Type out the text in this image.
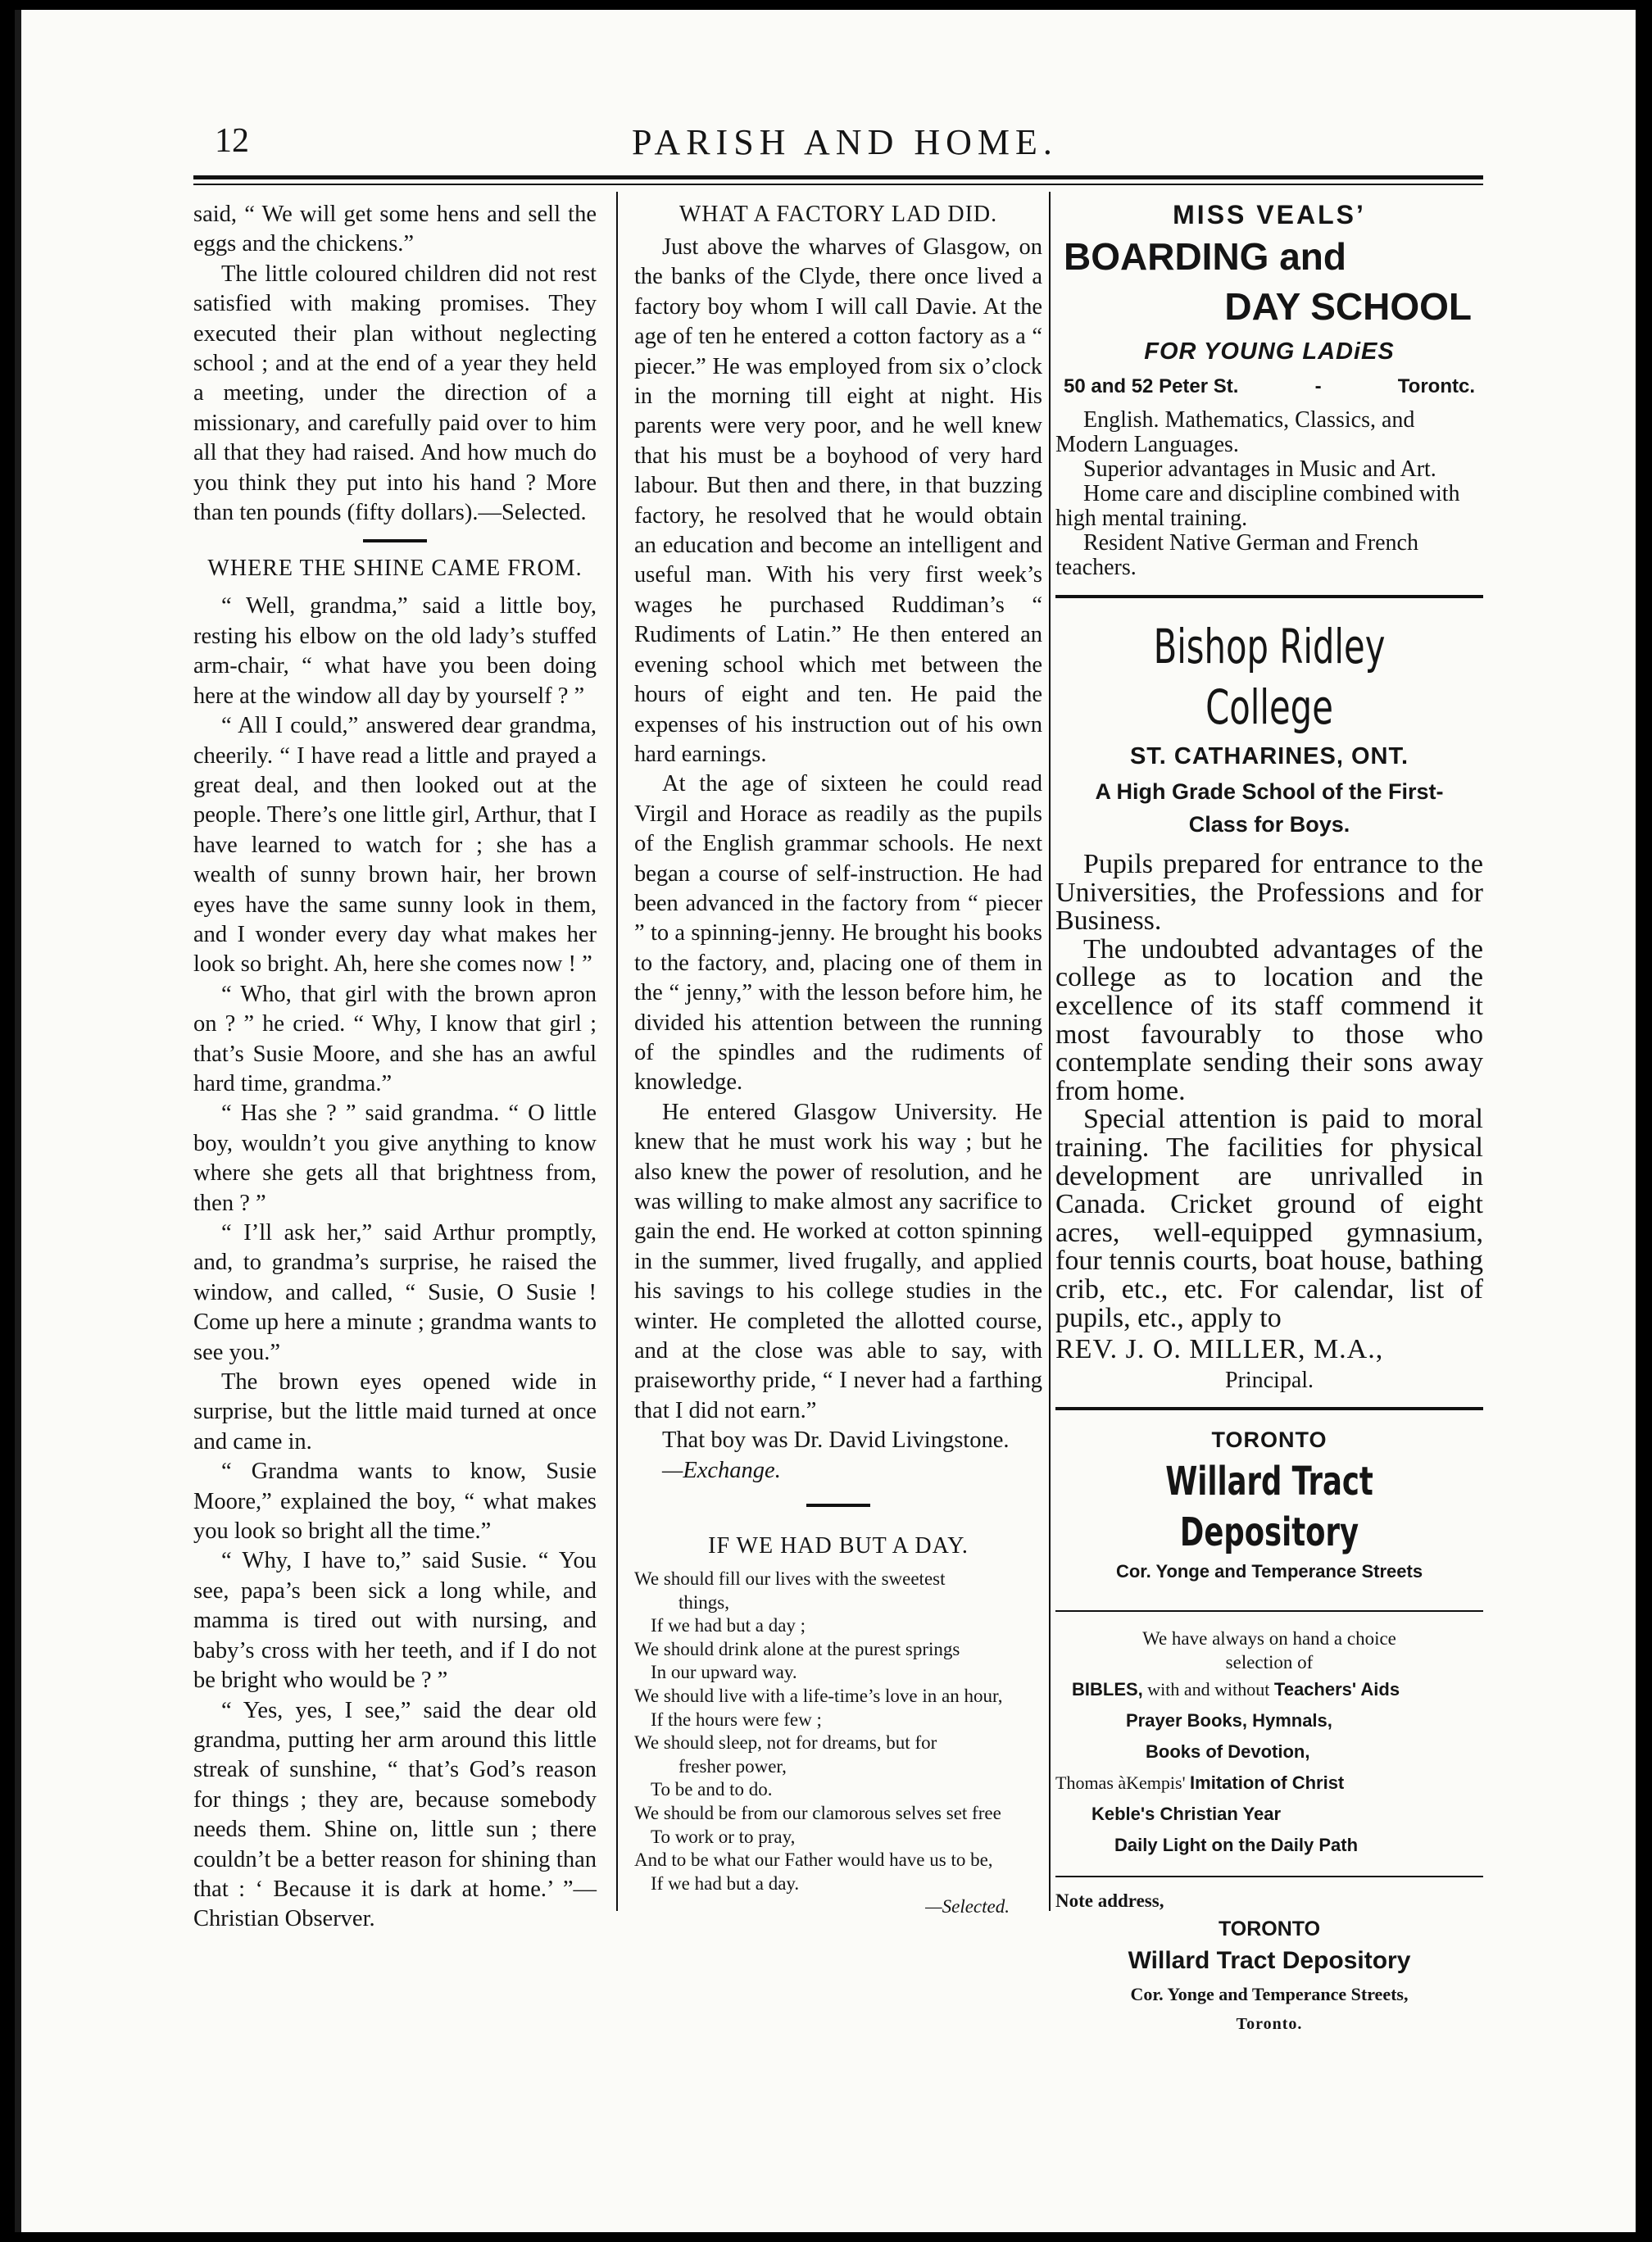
12	PARISH AND HOME.

said, “ We will get some hens and sell the eggs and the chickens.”

The little coloured children did not rest satisfied with making promises. They executed their plan without neglecting school ; and at the end of a year they held a meeting, under the direction of a missionary, and carefully paid over to him all that they had raised. And how much do you think they put into his hand ? More than ten pounds (fifty dollars).—Selected.

WHERE THE SHINE CAME FROM.

“ Well, grandma,” said a little boy, resting his elbow on the old lady’s stuffed arm-chair, “ what have you been doing here at the window all day by yourself ? ”

“ All I could,” answered dear grandma, cheerily. “ I have read a little and prayed a great deal, and then looked out at the people. There’s one little girl, Arthur, that I have learned to watch for ; she has a wealth of sunny brown hair, her brown eyes have the same sunny look in them, and I wonder every day what makes her look so bright. Ah, here she comes now ! ”

“ Who, that girl with the brown apron on ? ” he cried. “ Why, I know that girl ; that’s Susie Moore, and she has an awful hard time, grandma.”

“ Has she ? ” said grandma. “ O little boy, wouldn’t you give anything to know where she gets all that brightness from, then ? ”

“ I’ll ask her,” said Arthur promptly, and, to grandma’s surprise, he raised the window, and called, “ Susie, O Susie ! Come up here a minute ; grandma wants to see you.”

The brown eyes opened wide in surprise, but the little maid turned at once and came in.

“ Grandma wants to know, Susie Moore,” explained the boy, “ what makes you look so bright all the time.”

“ Why, I have to,” said Susie. “ You see, papa’s been sick a long while, and mamma is tired out with nursing, and baby’s cross with her teeth, and if I do not be bright who would be ? ”

“ Yes, yes, I see,” said the dear old grandma, putting her arm around this little streak of sunshine, “ that’s God’s reason for things ; they are, because somebody needs them. Shine on, little sun ; there couldn’t be a better reason for shining than that : ‘ Because it is dark at home.’ ”—Christian Observer.

WHAT A FACTORY LAD DID.

Just above the wharves of Glasgow, on the banks of the Clyde, there once lived a factory boy whom I will call Davie. At the age of ten he entered a cotton factory as a “ piecer.” He was employed from six o’clock in the morning till eight at night. His parents were very poor, and he well knew that his must be a boyhood of very hard labour. But then and there, in that buzzing factory, he resolved that he would obtain an education and become an intelligent and useful man. With his very first week’s wages he purchased Ruddiman’s “ Rudiments of Latin.” He then entered an evening school which met between the hours of eight and ten. He paid the expenses of his instruction out of his own hard earnings.

At the age of sixteen he could read Virgil and Horace as readily as the pupils of the English grammar schools. He next began a course of self-instruction. He had been advanced in the factory from “ piecer ” to a spinning-jenny. He brought his books to the factory, and, placing one of them in the “ jenny,” with the lesson before him, he divided his attention between the running of the spindles and the rudiments of knowledge.

He entered Glasgow University. He knew that he must work his way ; but he also knew the power of resolution, and he was willing to make almost any sacrifice to gain the end. He worked at cotton spinning in the summer, lived frugally, and applied his savings to his college studies in the winter. He completed the allotted course, and at the close was able to say, with praiseworthy pride, “ I never had a farthing that I did not earn.”

That boy was Dr. David Livingstone.

—Exchange.

IF WE HAD BUT A DAY.
We should fill our lives with the sweetest
things,
If we had but a day ;
We should drink alone at the purest springs
In our upward way.
We should live with a life-time’s love in an hour,
If the hours were few ;
We should sleep, not for dreams, but for
fresher power,
To be and to do.
We should be from our clamorous selves set free
To work or to pray,
And to be what our Father would have us to be,
If we had but a day.
—Selected.

MISS VEALS’

BOARDING and

DAY SCHOOL

FOR YOUNG LADiES

50 and 52 Peter St.	-	Torontc.

English. Mathematics, Classics, and Modern Languages.

Superior advantages in Music and Art.

Home care and discipline combined with high mental training.

Resident Native German and French teachers.

Bishop Ridley College

ST. CATHARINES, ONT.

A High Grade School of the First-Class for Boys.

Pupils prepared for entrance to the Universities, the Professions and for Business.

The undoubted advantages of the college as to location and the excellence of its staff commend it most favourably to those who contemplate sending their sons away from home.

Special attention is paid to moral training. The facilities for physical development are unrivalled in Canada. Cricket ground of eight acres, well-equipped gymnasium, four tennis courts, boat house, bathing crib, etc., etc. For calendar, list of pupils, etc., apply to

REV. J. O. MILLER, M.A.,

Principal.

TORONTO

Willard Tract Depository

Cor. Yonge and Temperance Streets

We have always on hand a choice

selection of

BIBLES, with and without Teachers' Aids

Prayer Books, Hymnals,

Books of Devotion,

Thomas àKempis' Imitation of Christ

Keble's Christian Year

Daily Light on the Daily Path

Note address,

TORONTO

Willard Tract Depository

Cor. Yonge and Temperance Streets,

Toronto.
